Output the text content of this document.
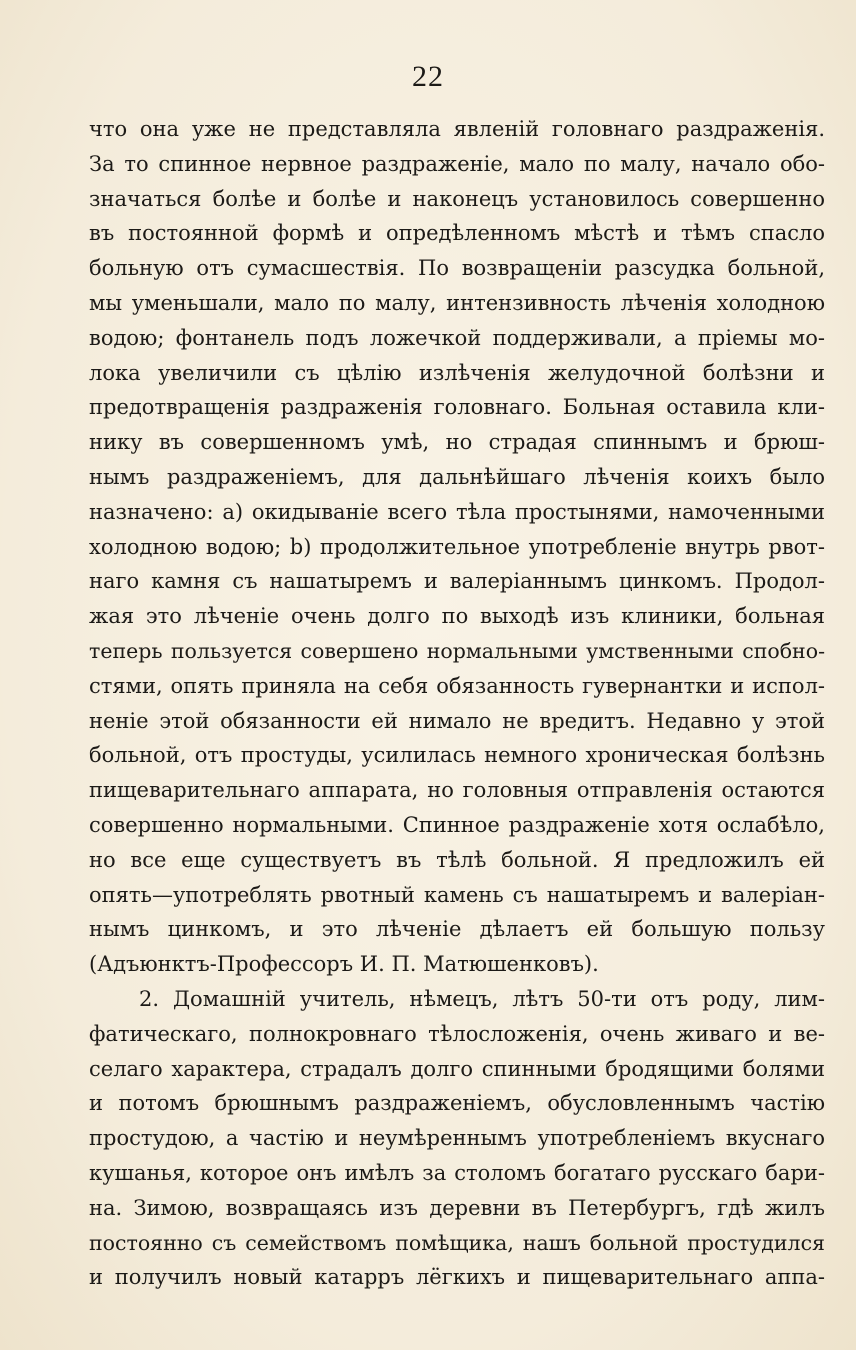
22
что она уже не представляла явленій головнаго раздраженія.
За то спинное нервное раздраженіе, мало по малу, начало обо-
значаться болѣе и болѣе и наконецъ установилось совершенно
въ постоянной формѣ и опредѣленномъ мѣстѣ и тѣмъ спасло
больную отъ сумасшествія. По возвращеніи разсудка больной,
мы уменьшали, мало по малу, интензивность лѣченія холодною
водою; фонтанель подъ ложечкой поддерживали, а пріемы мо-
лока увеличили съ цѣлію излѣченія желудочной болѣзни и
предотвращенія раздраженія головнаго. Больная оставила кли-
нику въ совершенномъ умѣ, но страдая спиннымъ и брюш-
нымъ раздраженіемъ, для дальнѣйшаго лѣченія коихъ было
назначено: a) окидываніе всего тѣла простынями, намоченными
холодною водою; b) продолжительное употребленіе внутрь рвот-
наго камня съ нашатыремъ и валеріаннымъ цинкомъ. Продол-
жая это лѣченіе очень долго по выходѣ изъ клиники, больная
теперь пользуется совершено нормальными умственными спобно-
стями, опять приняла на себя обязанность гувернантки и испол-
неніе этой обязанности ей нимало не вредитъ. Недавно у этой
больной, отъ простуды, усилилась немного хроническая болѣзнь
пищеварительнаго аппарата, но головныя отправленія остаются
совершенно нормальными. Спинное раздраженіе хотя ослабѣло,
но все еще существуетъ въ тѣлѣ больной. Я предложилъ ей
опять—употреблять рвотный камень съ нашатыремъ и валеріан-
нымъ цинкомъ, и это лѣченіе дѣлаетъ ей большую пользу
(Адъюнктъ-Профессоръ И. П. Матюшенковъ).
2. Домашній учитель, нѣмецъ, лѣтъ 50-ти отъ роду, лим-
фатическаго, полнокровнаго тѣлосложенія, очень живаго и ве-
селаго характера, страдалъ долго спинными бродящими болями
и потомъ брюшнымъ раздраженіемъ, обусловленнымъ частію
простудою, а частію и неумѣреннымъ употребленіемъ вкуснаго
кушанья, которое онъ имѣлъ за столомъ богатаго русскаго бари-
на. Зимою, возвращаясь изъ деревни въ Петербургъ, гдѣ жилъ
постоянно съ семействомъ помѣщика, нашъ больной простудился
и получилъ новый катарръ лёгкихъ и пищеварительнаго аппа-
